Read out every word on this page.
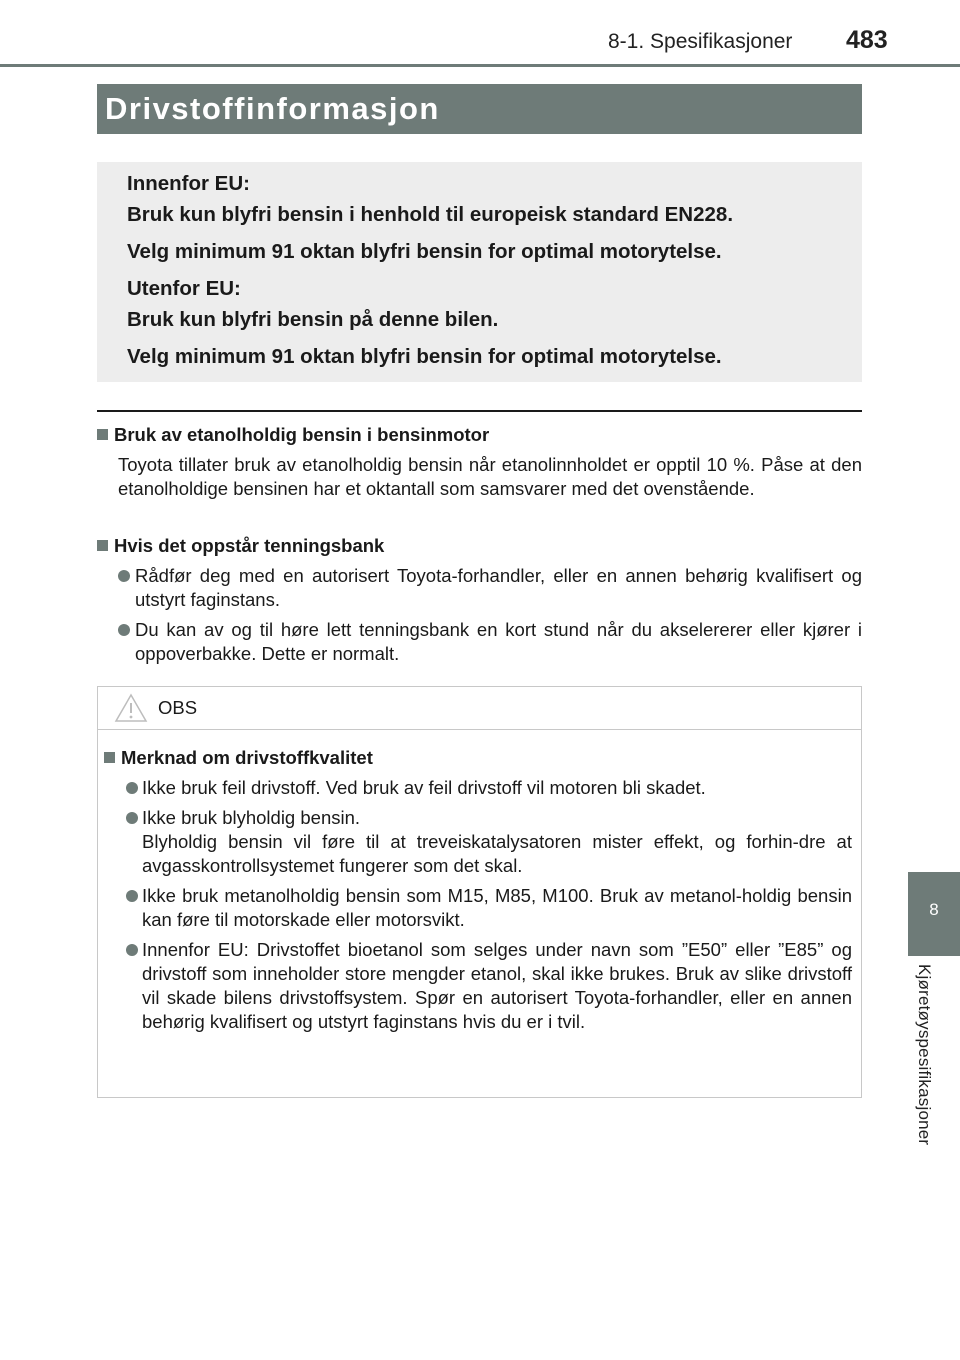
8-1. Spesifikasjoner 483
8
Kjøretøyspesifikasjoner
Drivstoffinformasjon
Innenfor EU:
Bruk kun blyfri bensin i henhold til europeisk standard EN228.
Velg minimum 91 oktan blyfri bensin for optimal motorytelse.
Utenfor EU:
Bruk kun blyfri bensin på denne bilen.
Velg minimum 91 oktan blyfri bensin for optimal motorytelse.
Bruk av etanolholdig bensin i bensinmotor
Toyota tillater bruk av etanolholdig bensin når etanolinnholdet er opptil 10 %. Påse at den etanolholdige bensinen har et oktantall som samsvarer med det ovenstående.
Hvis det oppstår tenningsbank
Rådfør deg med en autorisert Toyota-forhandler, eller en annen behørig kvalifisert og utstyrt faginstans.
Du kan av og til høre lett tenningsbank en kort stund når du akselererer eller kjører i oppoverbakke. Dette er normalt.
OBS
Merknad om drivstoffkvalitet
Ikke bruk feil drivstoff. Ved bruk av feil drivstoff vil motoren bli skadet.
Ikke bruk blyholdig bensin.
Blyholdig bensin vil føre til at treveiskatalysatoren mister effekt, og forhin-dre at avgasskontrollsystemet fungerer som det skal.
Ikke bruk metanolholdig bensin som M15, M85, M100. Bruk av metanol-holdig bensin kan føre til motorskade eller motorsvikt.
Innenfor EU: Drivstoffet bioetanol som selges under navn som ”E50” eller ”E85” og drivstoff som inneholder store mengder etanol, skal ikke brukes. Bruk av slike drivstoff vil skade bilens drivstoffsystem. Spør en autorisert Toyota-forhandler, eller en annen behørig kvalifisert og utstyrt faginstans hvis du er i tvil.
